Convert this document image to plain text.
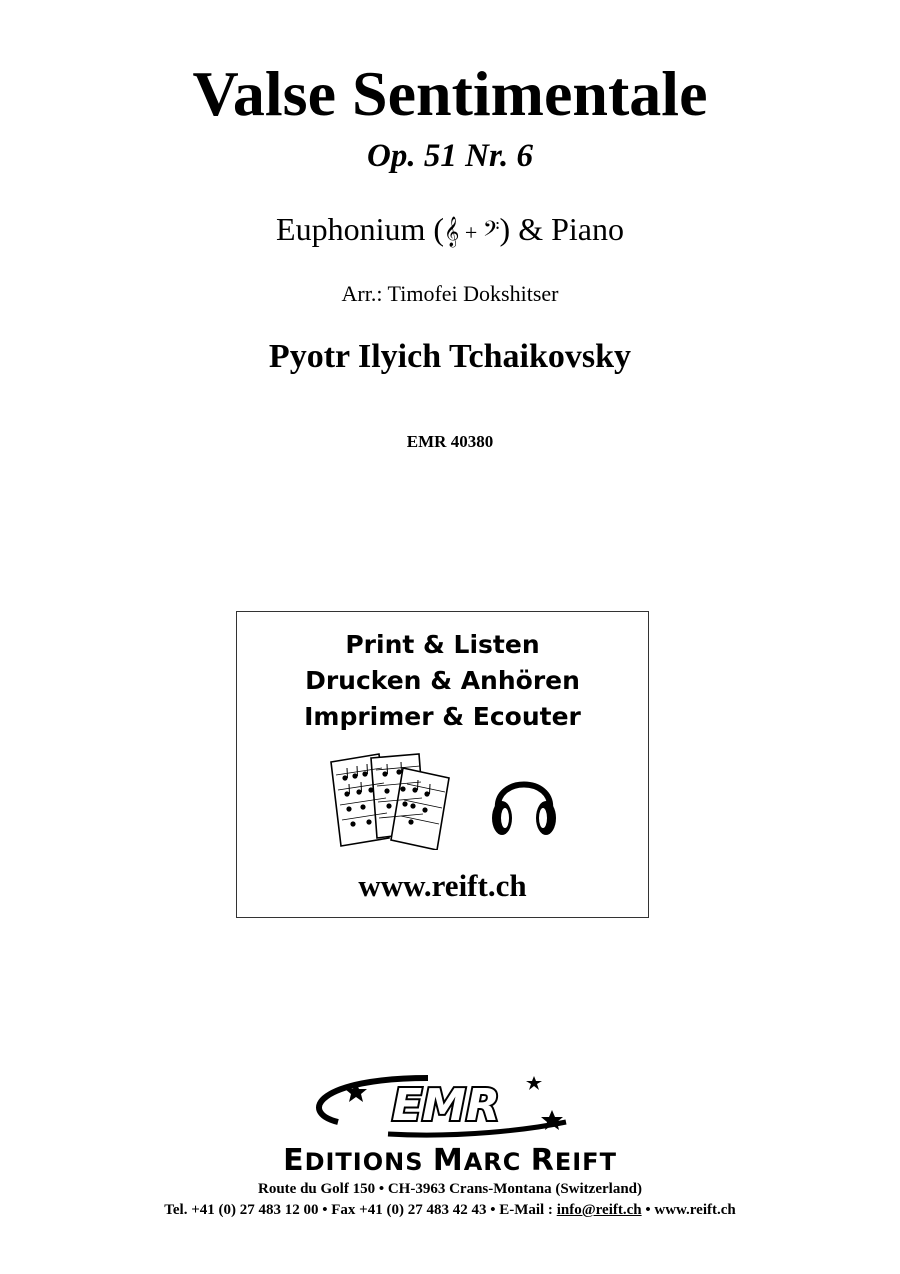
Valse Sentimentale
Op. 51 Nr. 6
Euphonium (𝄞 + 𝄢) & Piano
Arr.: Timofei Dokshitser
Pyotr Ilyich Tchaikovsky
EMR 40380
Print & Listen
Drucken & Anhören
Imprimer & Ecouter
www.reift.ch
EMR
EDITIONS MARC REIFT
Route du Golf 150 • CH-3963 Crans-Montana (Switzerland)
Tel. +41 (0) 27 483 12 00 • Fax +41 (0) 27 483 42 43 • E-Mail : info@reift.ch • www.reift.ch
